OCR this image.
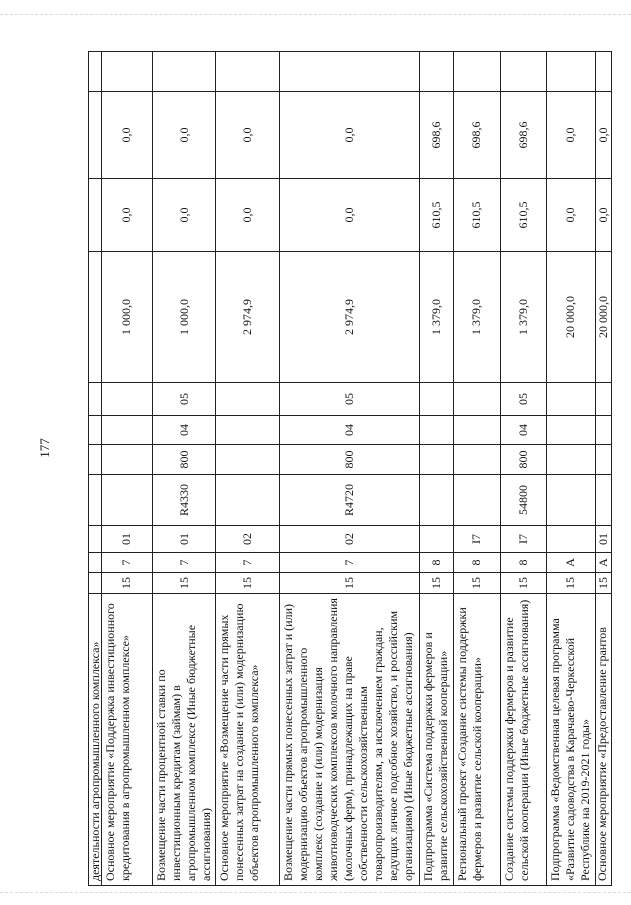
177
деятельности агропромышленного комплекса»											
Основное мероприятие «Поддержка инвестиционного кредитования в агропромышленном комплексе»	15	7	01					1 000,0	0,0	0,0	
Возмещение части процентной ставки по инвестиционным кредитам (займам) в агропромышленном комплексе (Иные бюджетные ассигнования)	15	7	01	R4330	800	04	05	1 000,0	0,0	0,0	
Основное мероприятие «Возмещение части прямых понесенных затрат на создание и (или) модернизацию объектов агропромышленного комплекса»	15	7	02					2 974,9	0,0	0,0	
Возмещение части прямых понесенных затрат и (или) модернизацию объектов агропромышленного комплекс (создание и (или) модернизация животноводческих комплексов молочного направления (молочных ферм), принадлежащих на праве собственности сельскохозяйственным товаропроизводителям, за исключением граждан, ведущих личное подсобное хозяйство, и российским организациям) (Иные бюджетные ассигнования)	15	7	02	R4720	800	04	05	2 974,9	0,0	0,0	
Подпрограмма «Система поддержки фермеров и развитие сельскохозяйственной кооперации»	15	8						1 379,0	610,5	698,6	
Региональный проект «Создание системы поддержки фермеров и развитие сельской кооперации»	15	8	I7					1 379,0	610,5	698,6	
Создание системы поддержки фермеров и развитие сельской кооперации (Иные бюджетные ассигнования)	15	8	I7	54800	800	04	05	1 379,0	610,5	698,6	
Подпрограмма «Ведомственная целевая программа «Развитие садоводства в Карачаево-Черкесской Республике на 2019-2021 годы»	15	А						20 000,0	0,0	0,0	
Основное мероприятие «Предоставление грантов	15	А	01					20 000,0	0,0	0,0	
